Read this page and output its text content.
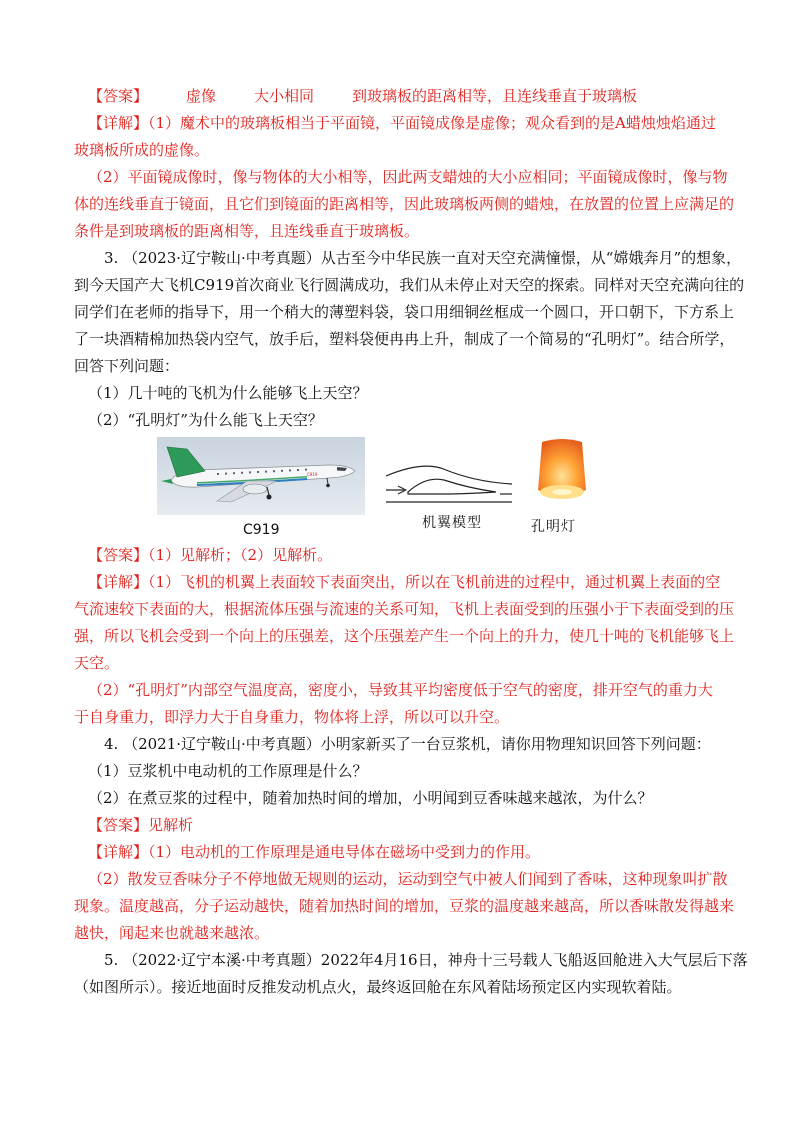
【答案】	虚像	大小相同	到玻璃板的距离相等，且连线垂直于玻璃板
【详解】（1）魔术中的玻璃板相当于平面镜，平面镜成像是虚像；观众看到的是A蜡烛烛焰通过
玻璃板所成的虚像。
（2）平面镜成像时，像与物体的大小相等，因此两支蜡烛的大小应相同；平面镜成像时，像与物
体的连线垂直于镜面，且它们到镜面的距离相等，因此玻璃板两侧的蜡烛，在放置的位置上应满足的
条件是到玻璃板的距离相等，且连线垂直于玻璃板。
3. （2023·辽宁鞍山·中考真题）从古至今中华民族一直对天空充满憧憬，从“嫦娥奔月”的想象，
到今天国产大飞机C919首次商业飞行圆满成功，我们从未停止对天空的探索。同样对天空充满向往的
同学们在老师的指导下，用一个稍大的薄塑料袋，袋口用细铜丝框成一个圆口，开口朝下，下方系上
了一块酒精棉加热袋内空气，放手后，塑料袋便冉冉上升，制成了一个简易的“孔明灯”。结合所学，
回答下列问题：
（1）几十吨的飞机为什么能够飞上天空？
（2）“孔明灯”为什么能飞上天空？
C919
C919	机翼模型	孔明灯
【答案】（1）见解析；（2）见解析。
【详解】（1）飞机的机翼上表面较下表面突出，所以在飞机前进的过程中，通过机翼上表面的空
气流速较下表面的大，根据流体压强与流速的关系可知，飞机上表面受到的压强小于下表面受到的压
强，所以飞机会受到一个向上的压强差，这个压强差产生一个向上的升力，使几十吨的飞机能够飞上
天空。
（2）“孔明灯”内部空气温度高，密度小，导致其平均密度低于空气的密度，排开空气的重力大
于自身重力，即浮力大于自身重力，物体将上浮，所以可以升空。
4. （2021·辽宁鞍山·中考真题）小明家新买了一台豆浆机，请你用物理知识回答下列问题：
（1）豆浆机中电动机的工作原理是什么？
（2）在煮豆浆的过程中，随着加热时间的增加，小明闻到豆香味越来越浓，为什么？
【答案】见解析
【详解】（1）电动机的工作原理是通电导体在磁场中受到力的作用。
（2）散发豆香味分子不停地做无规则的运动，运动到空气中被人们闻到了香味，这种现象叫扩散
现象。温度越高，分子运动越快，随着加热时间的增加，豆浆的温度越来越高，所以香味散发得越来
越快，闻起来也就越来越浓。
5. （2022·辽宁本溪·中考真题）2022年4月16日，神舟十三号载人飞船返回舱进入大气层后下落
（如图所示）。接近地面时反推发动机点火，最终返回舱在东风着陆场预定区内实现软着陆。
